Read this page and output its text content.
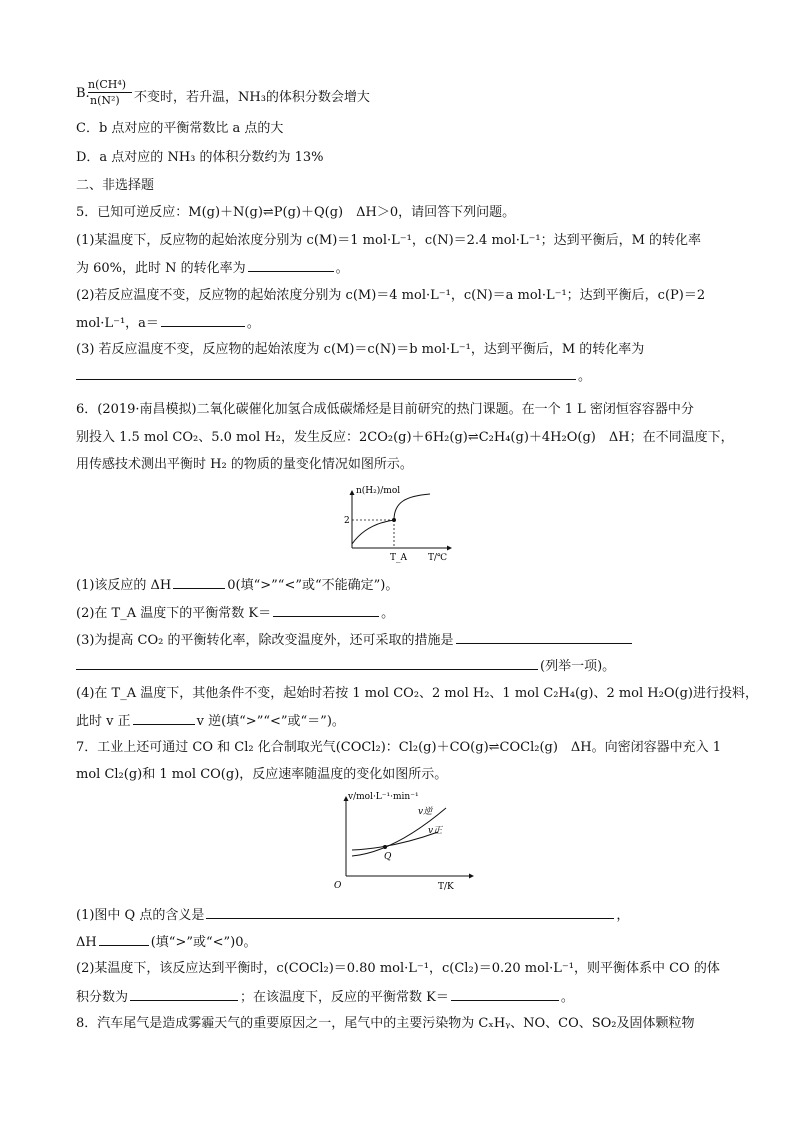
B.
n(CH⁴)
n(N²) 不变时，若升温，NH₃的体积分数会增大
C．b 点对应的平衡常数比 a 点的大
D．a 点对应的 NH₃ 的体积分数约为 13%
二、非选择题
5．已知可逆反应：M(g)＋N(g)⇌P(g)＋Q(g)　ΔH＞0，请回答下列问题。
(1)某温度下，反应物的起始浓度分别为 c(M)＝1 mol·L⁻¹，c(N)＝2.4 mol·L⁻¹；达到平衡后，M 的转化率
为 60%，此时 N 的转化率为	。
(2)若反应温度不变，反应物的起始浓度分别为 c(M)＝4 mol·L⁻¹，c(N)＝a mol·L⁻¹；达到平衡后，c(P)＝2
mol·L⁻¹，a＝	。
(3) 若反应温度不变，反应物的起始浓度为 c(M)＝c(N)＝b mol·L⁻¹，达到平衡后，M 的转化率为
。
6．(2019·南昌模拟)二氧化碳催化加氢合成低碳烯烃是目前研究的热门课题。在一个 1 L 密闭恒容容器中分
别投入 1.5 mol CO₂、5.0 mol H₂，发生反应：2CO₂(g)＋6H₂(g)⇌C₂H₄(g)＋4H₂O(g)　ΔH；在不同温度下，
用传感技术测出平衡时 H₂ 的物质的量变化情况如图所示。
n(H₂)/mol
2
T_A T/℃
(1)该反应的 ΔH	0(填“>”“<”或“不能确定”)。
(2)在 T_A 温度下的平衡常数 K＝	。
(3)为提高 CO₂ 的平衡转化率，除改变温度外，还可采取的措施是
(列举一项)。
(4)在 T_A 温度下，其他条件不变，起始时若按 1 mol CO₂、2 mol H₂、1 mol C₂H₄(g)、2 mol H₂O(g)进行投料，
此时 v 正	v 逆(填“>”“<”或“＝”)。
7．工业上还可通过 CO 和 Cl₂ 化合制取光气(COCl₂)：Cl₂(g)＋CO(g)⇌COCl₂(g)　ΔH。向密闭容器中充入 1
mol Cl₂(g)和 1 mol CO(g)，反应速率随温度的变化如图所示。
v/mol·L⁻¹·min⁻¹
v逆
v正
Q
O	T/K
(1)图中 Q 点的含义是	，
ΔH	(填“>”或“<”)0。
(2)某温度下，该反应达到平衡时，c(COCl₂)＝0.80 mol·L⁻¹，c(Cl₂)＝0.20 mol·L⁻¹，则平衡体系中 CO 的体
积分数为	；在该温度下，反应的平衡常数 K＝	。
8．汽车尾气是造成雾霾天气的重要原因之一，尾气中的主要污染物为 CₓHᵧ、NO、CO、SO₂及固体颗粒物
